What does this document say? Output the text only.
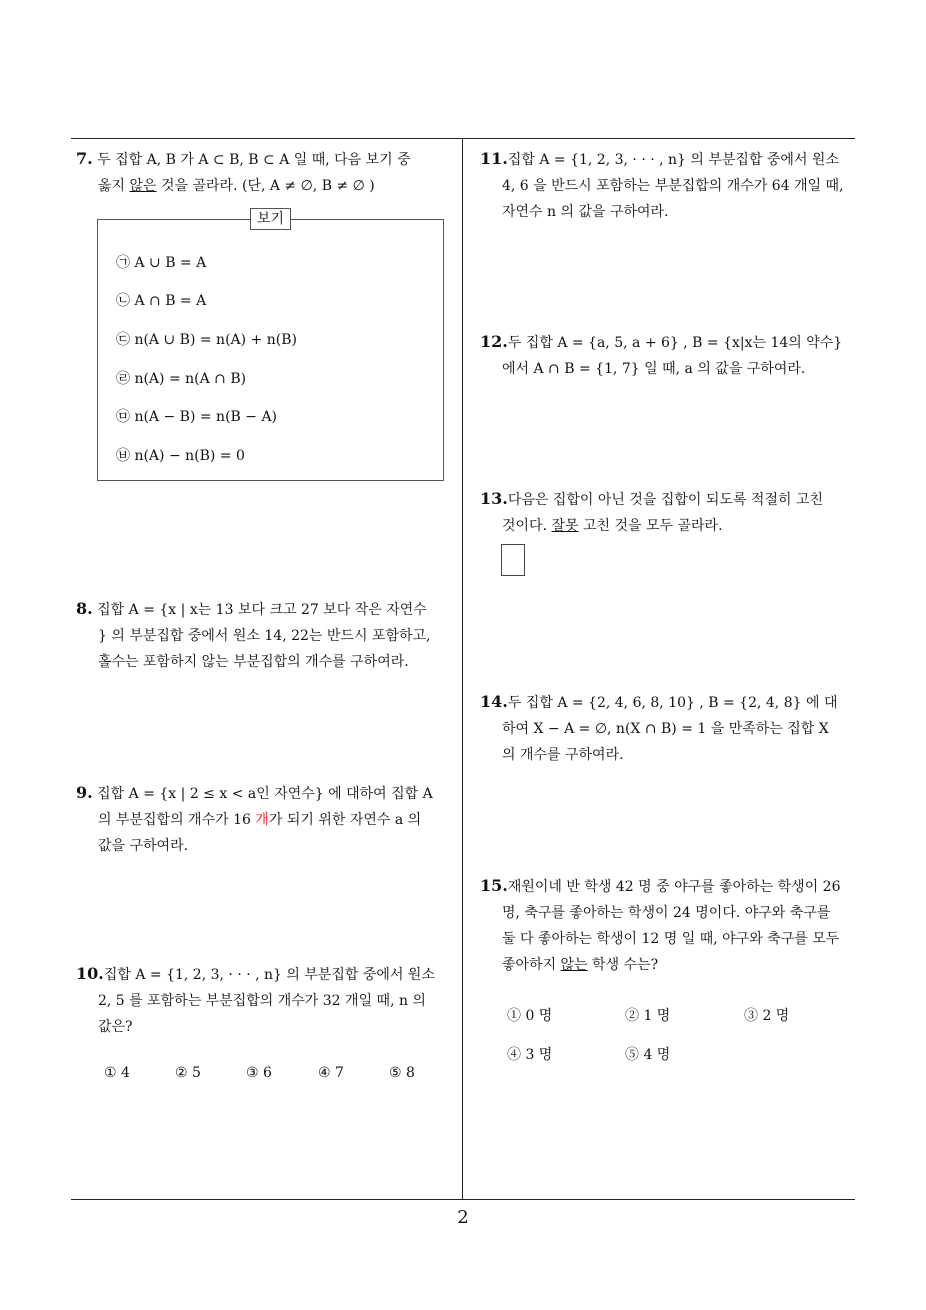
7. 두 집합 A, B 가 A ⊂ B, B ⊂ A 일 때, 다음 보기 중
옳지 않은 것을 골라라. (단, A ≠ ∅, B ≠ ∅ )
보기
㉠ A ∪ B = A
㉡ A ∩ B = A
㉢ n(A ∪ B) = n(A) + n(B)
㉣ n(A) = n(A ∩ B)
㉤ n(A − B) = n(B − A)
㉥ n(A) − n(B) = 0
8. 집합 A = {x | x는 13 보다 크고 27 보다 작은 자연수
} 의 부분집합 중에서 원소 14, 22는 반드시 포함하고,
홀수는 포함하지 않는 부분집합의 개수를 구하여라.
9. 집합 A = {x | 2 ≤ x < a인 자연수} 에 대하여 집합 A
의 부분집합의 개수가 16 개가 되기 위한 자연수 a 의
값을 구하여라.
10.집합 A = {1, 2, 3, · · · , n} 의 부분집합 중에서 원소
2, 5 를 포함하는 부분집합의 개수가 32 개일 때, n 의
값은?
① 4	② 5	③ 6	④ 7	⑤ 8
11.집합 A = {1, 2, 3, · · · , n} 의 부분집합 중에서 원소
4, 6 을 반드시 포함하는 부분집합의 개수가 64 개일 때,
자연수 n 의 값을 구하여라.
12.두 집합 A = {a, 5, a + 6} , B = {x|x는 14의 약수}
에서 A ∩ B = {1, 7} 일 때, a 의 값을 구하여라.
13.다음은 집합이 아닌 것을 집합이 되도록 적절히 고친
것이다. 잘못 고친 것을 모두 골라라.
14.두 집합 A = {2, 4, 6, 8, 10} , B = {2, 4, 8} 에 대
하여 X − A = ∅, n(X ∩ B) = 1 을 만족하는 집합 X
의 개수를 구하여라.
15.재원이네 반 학생 42 명 중 야구를 좋아하는 학생이 26
명, 축구를 좋아하는 학생이 24 명이다. 야구와 축구를
둘 다 좋아하는 학생이 12 명 일 때, 야구와 축구를 모두
좋아하지 않는 학생 수는?
① 0 명	② 1 명	③ 2 명
④ 3 명	⑤ 4 명
2
